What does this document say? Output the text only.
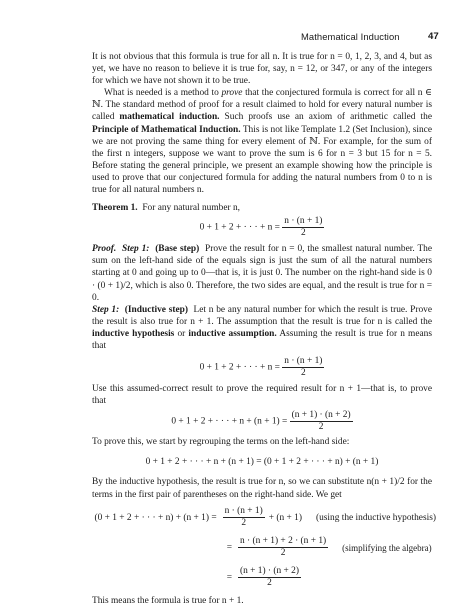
Mathematical Induction	47

It is not obvious that this formula is true for all n. It is true for n = 0, 1, 2, 3, and 4, but as yet, we have no reason to believe it is true for, say, n = 12, or 347, or any of the integers for which we have not shown it to be true.

What is needed is a method to prove that the conjectured formula is correct for all n ∈ ℕ. The standard method of proof for a result claimed to hold for every natural number is called mathematical induction. Such proofs use an axiom of arithmetic called the Principle of Mathematical Induction. This is not like Template 1.2 (Set Inclusion), since we are not proving the same thing for every element of ℕ. For example, for the sum of the first n integers, suppose we want to prove the sum is 6 for n = 3 but 15 for n = 5. Before stating the general principle, we present an example showing how the principle is used to prove that our conjectured formula for adding the natural numbers from 0 to n is true for all natural numbers n.

Theorem 1. For any natural number n,

0 + 1 + 2 + · · · + $n = \frac{n \cdot (n + 1)}{2}$

Proof. Step 1: (Base step) Prove the result for n = 0, the smallest natural number. The sum on the left-hand side of the equals sign is just the sum of all the natural numbers starting at 0 and going up to 0—that is, it is just 0. The number on the right-hand side is 0 · (0 + 1)/2, which is also 0. Therefore, the two sides are equal, and the result is true for n = 0.

Step 1: (Inductive step) Let n be any natural number for which the result is true. Prove the result is also true for n + 1. The assumption that the result is true for n is called the inductive hypothesis or inductive assumption. Assuming the result is true for n means that

0 + 1 + 2 + · · · + $n = \frac{n \cdot (n + 1)}{2}$

Use this assumed-correct result to prove the required result for n + 1—that is, to prove that

0 + 1 + 2 + · · · + $n + (n + 1) = \frac{(n + 1) \cdot (n + 2)}{2}$

To prove this, we start by regrouping the terms on the left-hand side:

0 + 1 + 2 + · · · + n + (n + 1) = (0 + 1 + 2 + · · · + n) + (n + 1)

By the inductive hypothesis, the result is true for n, so we can substitute n(n + 1)/2 for the terms in the first pair of parentheses on the right-hand side. We get

(0 + 1 + 2 + · · · + $n) + (n + 1) = \frac{n \cdot (n + 1)}{2} + (n + 1)$ (using the inductive hypothesis)
= $\frac{n \cdot (n + 1) + 2 \cdot (n + 1)}{2}$ (simplifying the algebra)
= $\frac{(n + 1) \cdot (n + 2)}{2}$

This means the formula is true for n + 1.
